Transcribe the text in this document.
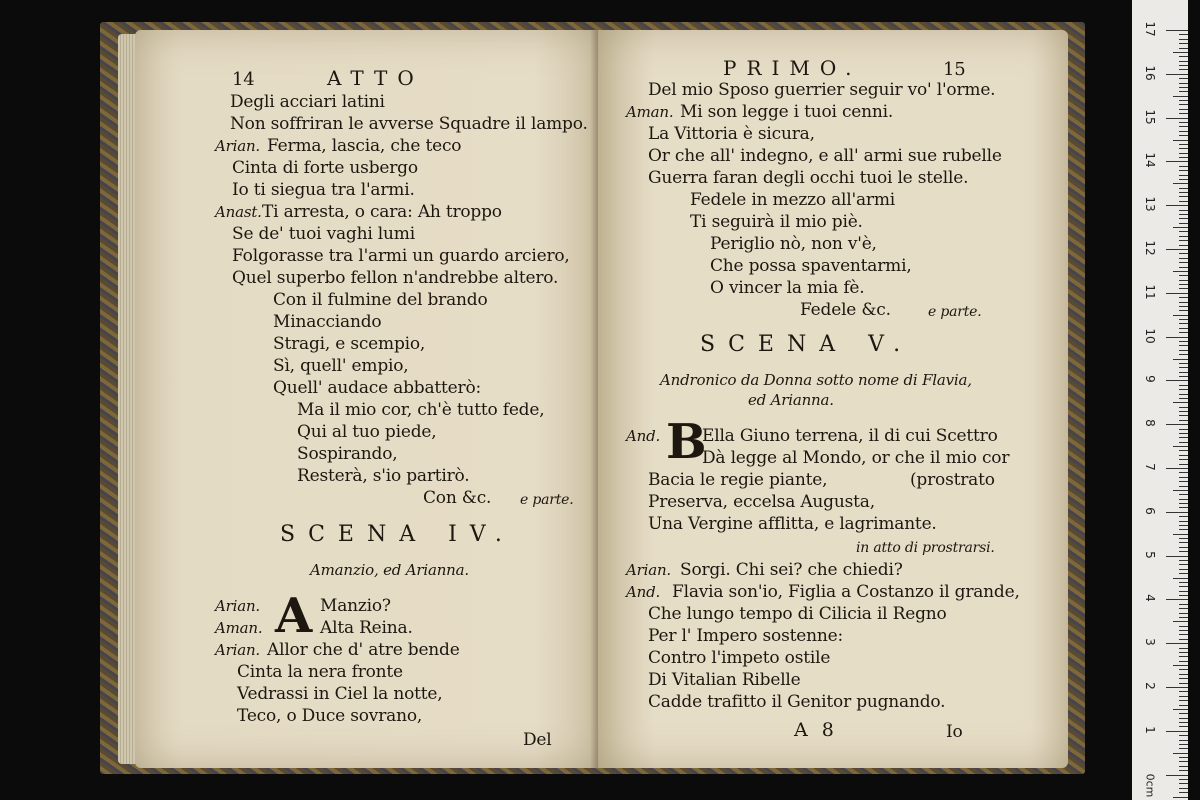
14	ATTO
Degli acciari latini
Non soffriran le avverse Squadre il lampo.
Arian. Ferma, lascia, che teco
Cinta di forte usbergo
Io ti siegua tra l'armi.
Anast. Ti arresta, o cara: Ah troppo
Se de' tuoi vaghi lumi
Folgorasse tra l'armi un guardo arciero,
Quel superbo fellon n'andrebbe altero.
Con il fulmine del brando
Minacciando
Stragi, e scempio,
Sì, quell' empio,
Quell' audace abbatterò:
Ma il mio cor, ch'è tutto fede,
Qui al tuo piede,
Sospirando,
Resterà, s'io partirò.
Con &c. e parte.
SCENA IV.
Amanzio, ed Arianna.
A
Arian.	Manzio?
Aman.	Alta Reina.
Arian. Allor che d' atre bende
Cinta la nera fronte
Vedrassi in Ciel la notte,
Teco, o Duce sovrano,
Del
PRIMO.	15
Del mio Sposo guerrier seguir vo' l'orme.
Aman. Mi son legge i tuoi cenni.
La Vittoria è sicura,
Or che all' indegno, e all' armi sue rubelle
Guerra faran degli occhi tuoi le stelle.
Fedele in mezzo all'armi
Ti seguirà il mio piè.
Periglio nò, non v'è,
Che possa spaventarmi,
O vincer la mia fè.
Fedele &c.	e parte.
SCENA V.
Andronico da Donna sotto nome di Flavia,
ed Arianna.
And. B
Ella Giuno terrena, il di cui Scettro
Dà legge al Mondo, or che il mio cor
Bacia le regie piante,	(prostrato
Preserva, eccelsa Augusta,
Una Vergine afflitta, e lagrimante.
in atto di prostrarsi.
Arian. Sorgi. Chi sei? che chiedi?
And. Flavia son'io, Figlia a Costanzo il grande,
Che lungo tempo di Cilicia il Regno
Per l' Impero sostenne:
Contro l'impeto ostile
Di Vitalian Ribelle
Cadde trafitto il Genitor pugnando.
A 8	Io
0cm
17
16
15
14
13
12
11
10
9
8
7
6
5
4
3
2
1
